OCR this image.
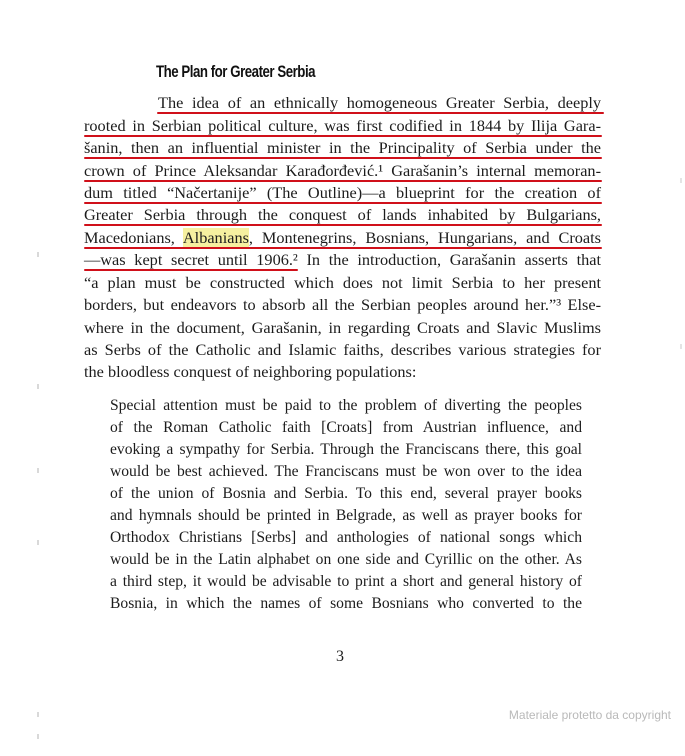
The Plan for Greater Serbia
The idea of an ethnically homogeneous Greater Serbia, deeply
rooted in Serbian political culture, was first codified in 1844 by Ilija Gara-
šanin, then an influential minister in the Principality of Serbia under the
crown of Prince Aleksandar Karađorđević.¹ Garašanin’s internal memoran-
dum titled “Načertanije” (The Outline)—a blueprint for the creation of
Greater Serbia through the conquest of lands inhabited by Bulgarians,
Macedonians, Albanians, Montenegrins, Bosnians, Hungarians, and Croats
—was kept secret until 1906.² In the introduction, Garašanin asserts that
“a plan must be constructed which does not limit Serbia to her present
borders, but endeavors to absorb all the Serbian peoples around her.”³ Else-
where in the document, Garašanin, in regarding Croats and Slavic Muslims
as Serbs of the Catholic and Islamic faiths, describes various strategies for
the bloodless conquest of neighboring populations:
Special attention must be paid to the problem of diverting the peoples
of the Roman Catholic faith [Croats] from Austrian influence, and
evoking a sympathy for Serbia. Through the Franciscans there, this goal
would be best achieved. The Franciscans must be won over to the idea
of the union of Bosnia and Serbia. To this end, several prayer books
and hymnals should be printed in Belgrade, as well as prayer books for
Orthodox Christians [Serbs] and anthologies of national songs which
would be in the Latin alphabet on one side and Cyrillic on the other. As
a third step, it would be advisable to print a short and general history of
Bosnia, in which the names of some Bosnians who converted to the
3
Materiale protetto da copyright
